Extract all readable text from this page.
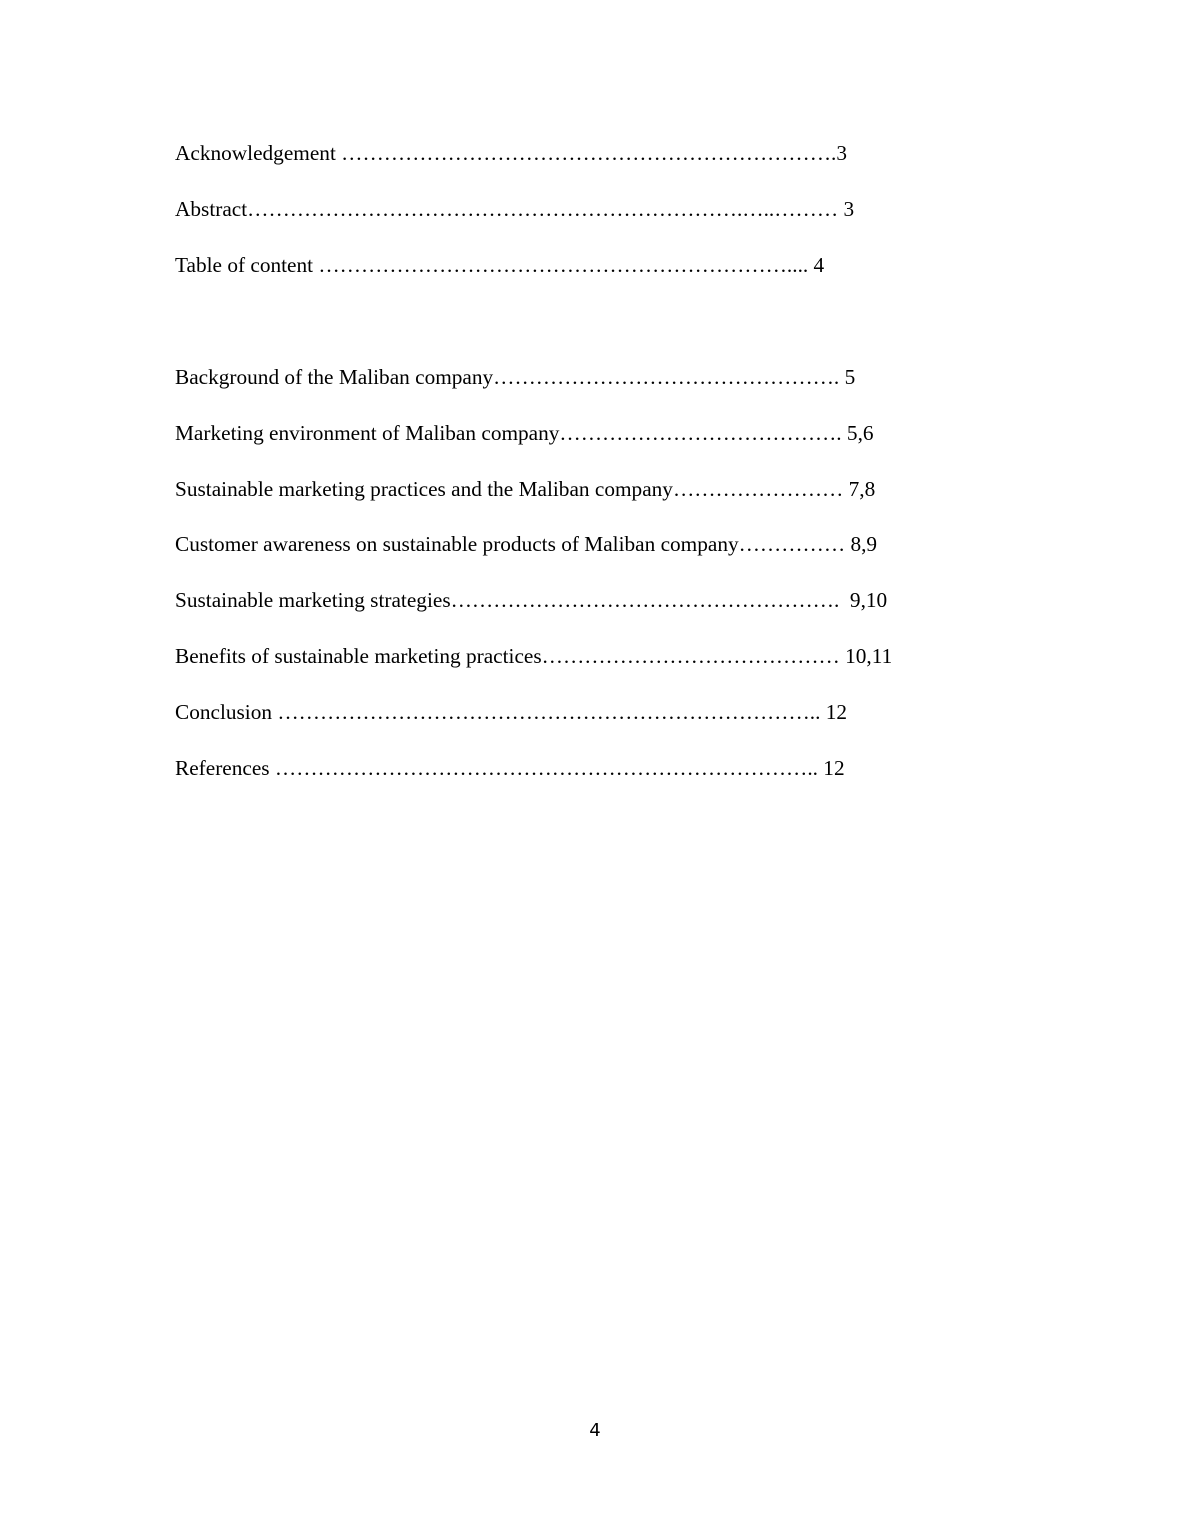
Acknowledgement …………………………………………………………….3

Abstract…………………………………………………………….…..……… 3

Table of content ………………………………………………………….... 4

Background of the Maliban company…………………………………………. 5

Marketing environment of Maliban company…………………………………. 5,6

Sustainable marketing practices and the Maliban company…………………… 7,8

Customer awareness on sustainable products of Maliban company…………… 8,9

Sustainable marketing strategies……………………………………………….  9,10

Benefits of sustainable marketing practices…………………………………… 10,11

Conclusion ………………………………………………………………….. 12

References ………………………………………………………………….. 12

4
